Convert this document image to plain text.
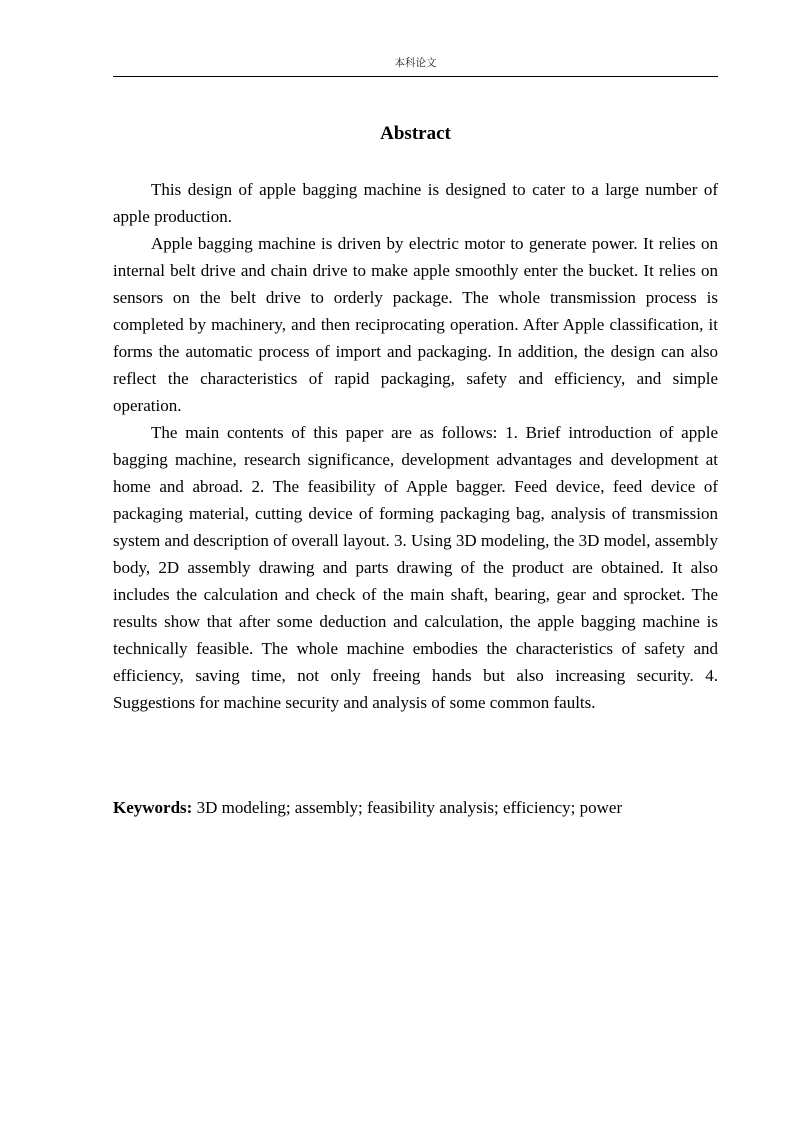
本科论文
Abstract

This design of apple bagging machine is designed to cater to a large number of apple production.

Apple bagging machine is driven by electric motor to generate power. It relies on internal belt drive and chain drive to make apple smoothly enter the bucket. It relies on sensors on the belt drive to orderly package. The whole transmission process is completed by machinery, and then reciprocating operation. After Apple classification, it forms the automatic process of import and packaging. In addition, the design can also reflect the characteristics of rapid packaging, safety and efficiency, and simple operation.

The main contents of this paper are as follows: 1. Brief introduction of apple bagging machine, research significance, development advantages and development at home and abroad. 2. The feasibility of Apple bagger. Feed device, feed device of packaging material, cutting device of forming packaging bag, analysis of transmission system and description of overall layout. 3. Using 3D modeling, the 3D model, assembly body, 2D assembly drawing and parts drawing of the product are obtained. It also includes the calculation and check of the main shaft, bearing, gear and sprocket. The results show that after some deduction and calculation, the apple bagging machine is technically feasible. The whole machine embodies the characteristics of safety and efficiency, saving time, not only freeing hands but also increasing security. 4. Suggestions for machine security and analysis of some common faults.

Keywords: 3D modeling; assembly; feasibility analysis; efficiency; power
